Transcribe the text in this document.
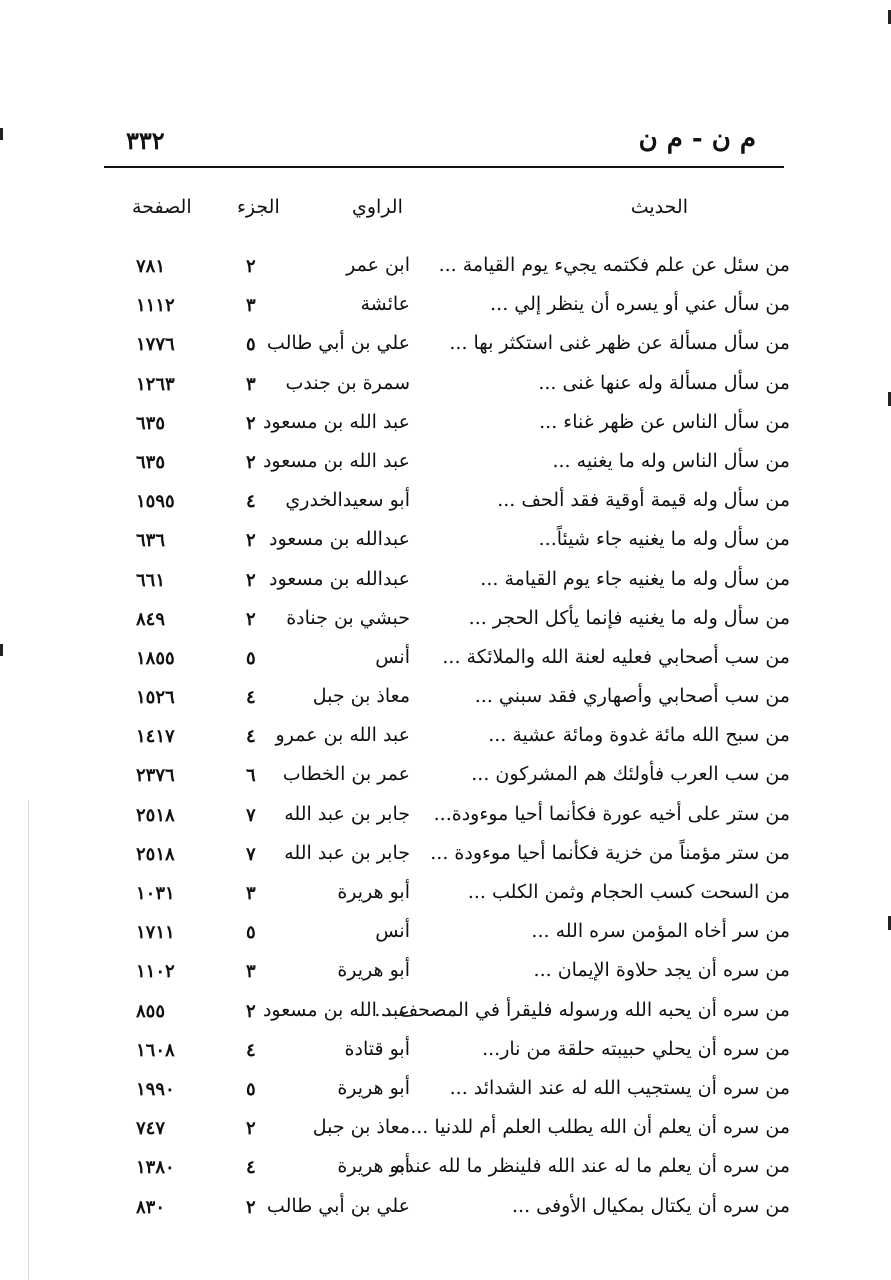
م ن - م ن
٣٣٢
الحديث
الراوي
الجزء
الصفحة
من سئل عن علم فكتمه يجيء يوم القيامة ...
ابن عمر
٢
٧٨١
من سأل عني أو يسره أن ينظر إلي ...
عائشة
٣
١١١٢
من سأل مسألة عن ظهر غنى استكثر بها ...
علي بن أبي طالب
٥
١٧٧٦
من سأل مسألة وله عنها غنى ...
سمرة بن جندب
٣
١٢٦٣
من سأل الناس عن ظهر غناء ...
عبد الله بن مسعود
٢
٦٣٥
من سأل الناس وله ما يغنيه ...
عبد الله بن مسعود
٢
٦٣٥
من سأل وله قيمة أوقية فقد ألحف ...
أبو سعيدالخدري
٤
١٥٩٥
من سأل وله ما يغنيه جاء شيئاً...
عبدالله بن مسعود
٢
٦٣٦
من سأل وله ما يغنيه جاء يوم القيامة ...
عبدالله بن مسعود
٢
٦٦١
من سأل وله ما يغنيه فإنما يأكل الحجر ...
حبشي بن جنادة
٢
٨٤٩
من سب أصحابي فعليه لعنة الله والملائكة ...
أنس
٥
١٨٥٥
من سب أصحابي وأصهاري فقد سبني ...
معاذ بن جبل
٤
١٥٢٦
من سبح الله مائة غدوة ومائة عشية ...
عبد الله بن عمرو
٤
١٤١٧
من سب العرب فأولئك هم المشركون ...
عمر بن الخطاب
٦
٢٣٧٦
من ستر على أخيه عورة فكأنما أحيا موءودة...
جابر بن عبد الله
٧
٢٥١٨
من ستر مؤمناً من خزية فكأنما أحيا موءودة ...
جابر بن عبد الله
٧
٢٥١٨
من السحت كسب الحجام وثمن الكلب ...
أبو هريرة
٣
١٠٣١
من سر أخاه المؤمن سره الله ...
أنس
٥
١٧١١
من سره أن يجد حلاوة الإيمان ...
أبو هريرة
٣
١١٠٢
من سره أن يحبه الله ورسوله فليقرأ في المصحف ...
عبد الله بن مسعود
٢
٨٥٥
من سره أن يحلي حبيبته حلقة من نار...
أبو قتادة
٤
١٦٠٨
من سره أن يستجيب الله له عند الشدائد ...
أبو هريرة
٥
١٩٩٠
من سره أن يعلم أن الله يطلب العلم أم للدنيا ...
معاذ بن جبل
٢
٧٤٧
من سره أن يعلم ما له عند الله فلينظر ما لله عنده.
أبو هريرة
٤
١٣٨٠
من سره أن يكتال بمكيال الأوفى ...
علي بن أبي طالب
٢
٨٣٠
